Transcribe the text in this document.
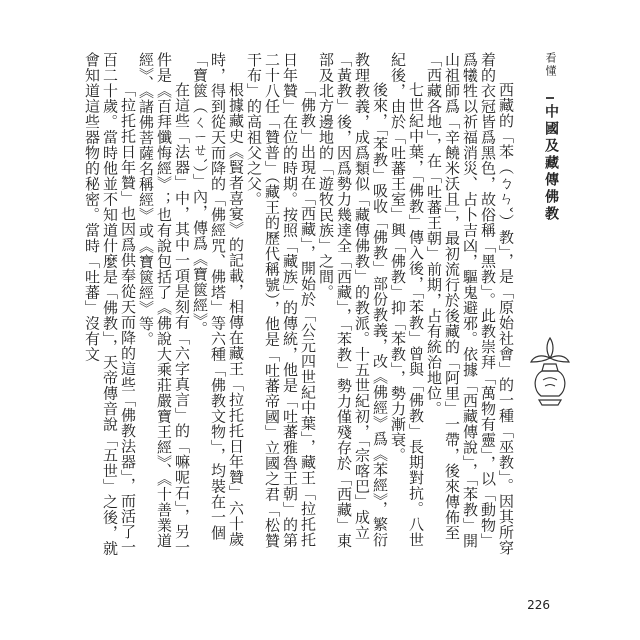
西藏的「苯（ㄅㄣˇ）教」，是「原始社會」的一種「巫教」。因其所穿着的衣冠皆爲黑色，故俗稱「黑教」。此教崇拜「萬物有靈」，以「動物」爲犧牲以祈福消災、占卜吉凶，驅鬼避邪。依據「西藏傳說」，「苯教」開山祖師爲「辛饒米沃且」，最初流行於後藏的「阿里」一帶，後來傳佈至「西藏各地」，在「吐蕃王朝」前期，占有統治地位。

七世紀中葉，「佛教」傳入後，「苯教」曾與「佛教」長期對抗。八世紀後，由於「吐蕃王室」興「佛教」抑「苯教」，勢力漸衰。

後來，「苯教」吸收「佛教」部份教義，改《佛經》爲《苯經》，繁衍教理教義，成爲類似「藏傳佛教」的教派。十五世紀初，「宗喀巴」成立「黃教」後，因爲勢力幾達全「西藏」，「苯教」勢力僅殘存於「西藏」東部及北方邊地的「遊牧民族」之間。

「佛教」出現在「西藏」，開始於「公元四世紀中葉」，藏王「拉托托日年贊」在位的時期。按照「藏族」的傳統，他是「吐蕃雅魯王朝」的第二十八任「贊普」（藏王的歷代稱號），他是「吐蕃帝國」立國之君「松贊干布」的高祖父之父。

根據藏史《賢者喜宴》的記載，相傳在藏王「拉托托日年贊」六十歲時，得到從天而降的「佛經咒、佛塔」等六種「佛教文物」，均裝在一個「寶篋（ㄑㄧㄝˋ）」內，傳爲《寶篋經》。

在這些「法器」中，其中一項是刻有「六字真言」的「嘛呢石」，另一件是《百拜懺悔經》；也有說包括了《佛說大乘莊嚴寶王經》、《十善業道經》、《諸佛菩薩名稱經》或《寶篋經》等。

「拉托托日年贊」也因爲供奉從天而降的這些「佛教法器」，而活了一百二十歲。當時他並不知道什麼是「佛教」，天帝傳音說「五世」之後，就會知道這些器物的秘密。當時「吐蕃」沒有文	看懂
中國及藏傳佛教
226
